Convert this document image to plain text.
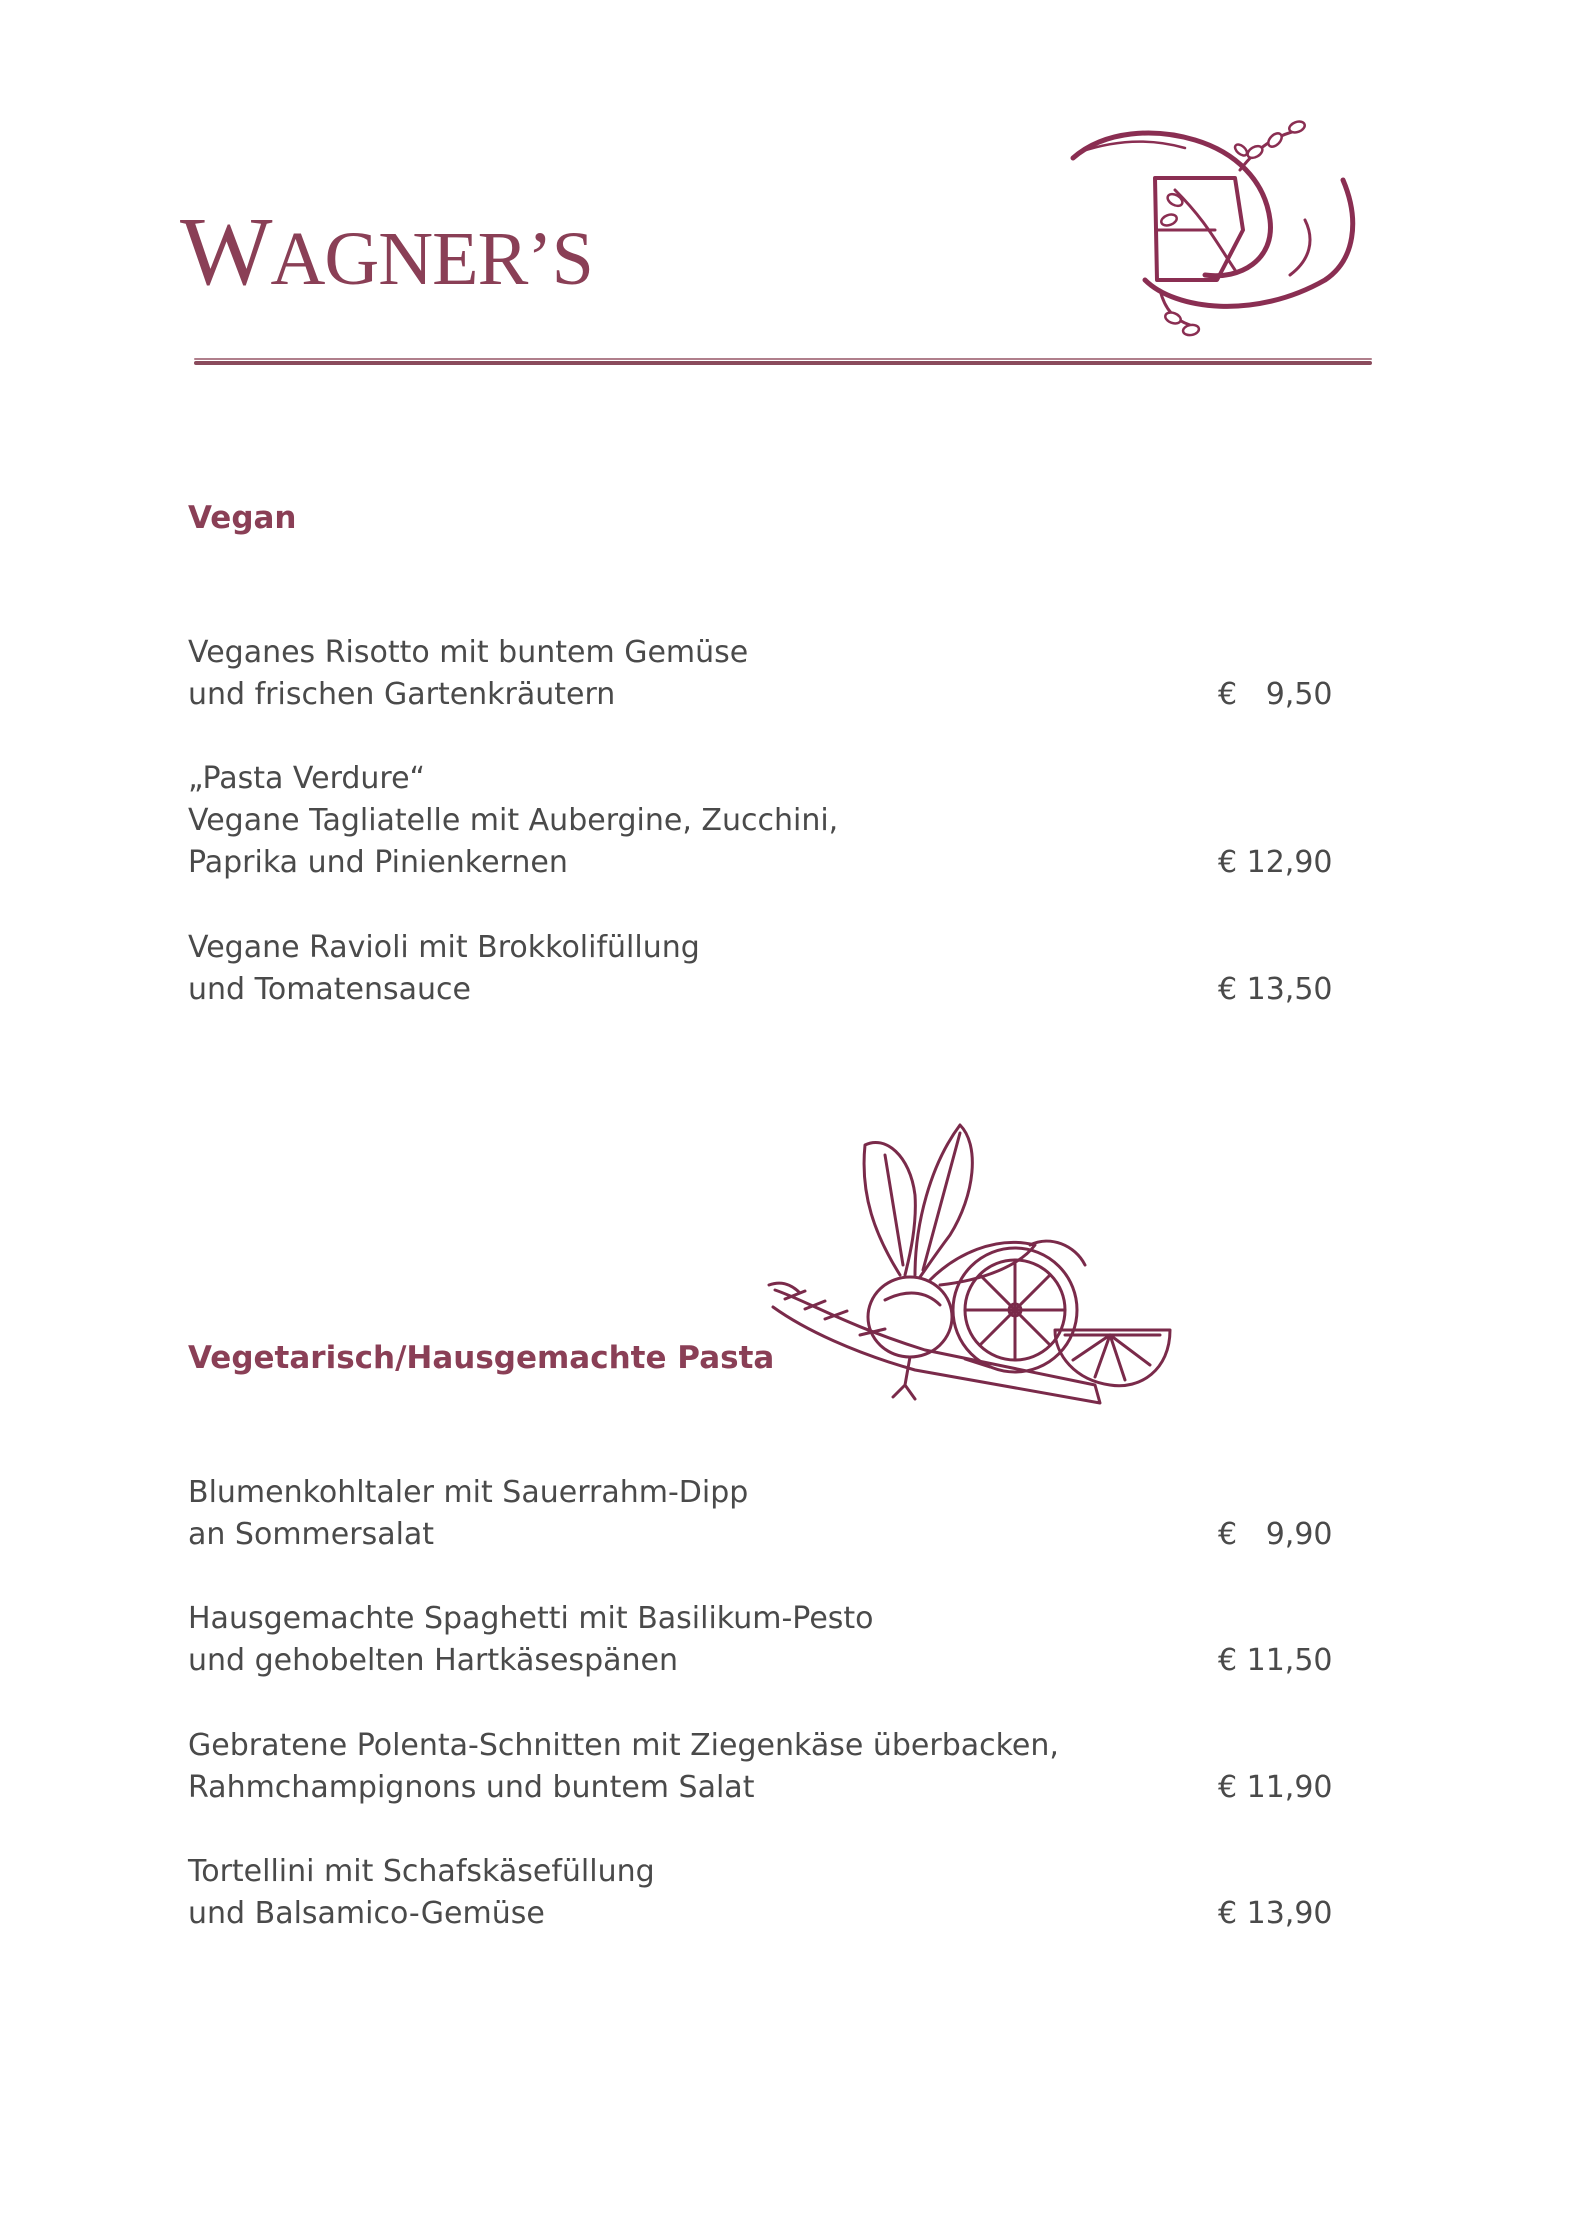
WAGNER’S
Vegan
Veganes Risotto mit buntem Gemüse
und frischen Gartenkräutern	€   9,50
„Pasta Verdure“
Vegane Tagliatelle mit Aubergine, Zucchini,
Paprika und Pinienkernen	€ 12,90
Vegane Ravioli mit Brokkolifüllung
und Tomatensauce	€ 13,50
Vegetarisch/Hausgemachte Pasta
Blumenkohltaler mit Sauerrahm-Dipp
an Sommersalat	€   9,90
Hausgemachte Spaghetti mit Basilikum-Pesto
und gehobelten Hartkäsespänen	€ 11,50
Gebratene Polenta-Schnitten mit Ziegenkäse überbacken,
Rahmchampignons und buntem Salat	€ 11,90
Tortellini mit Schafskäsefüllung
und Balsamico-Gemüse	€ 13,90
